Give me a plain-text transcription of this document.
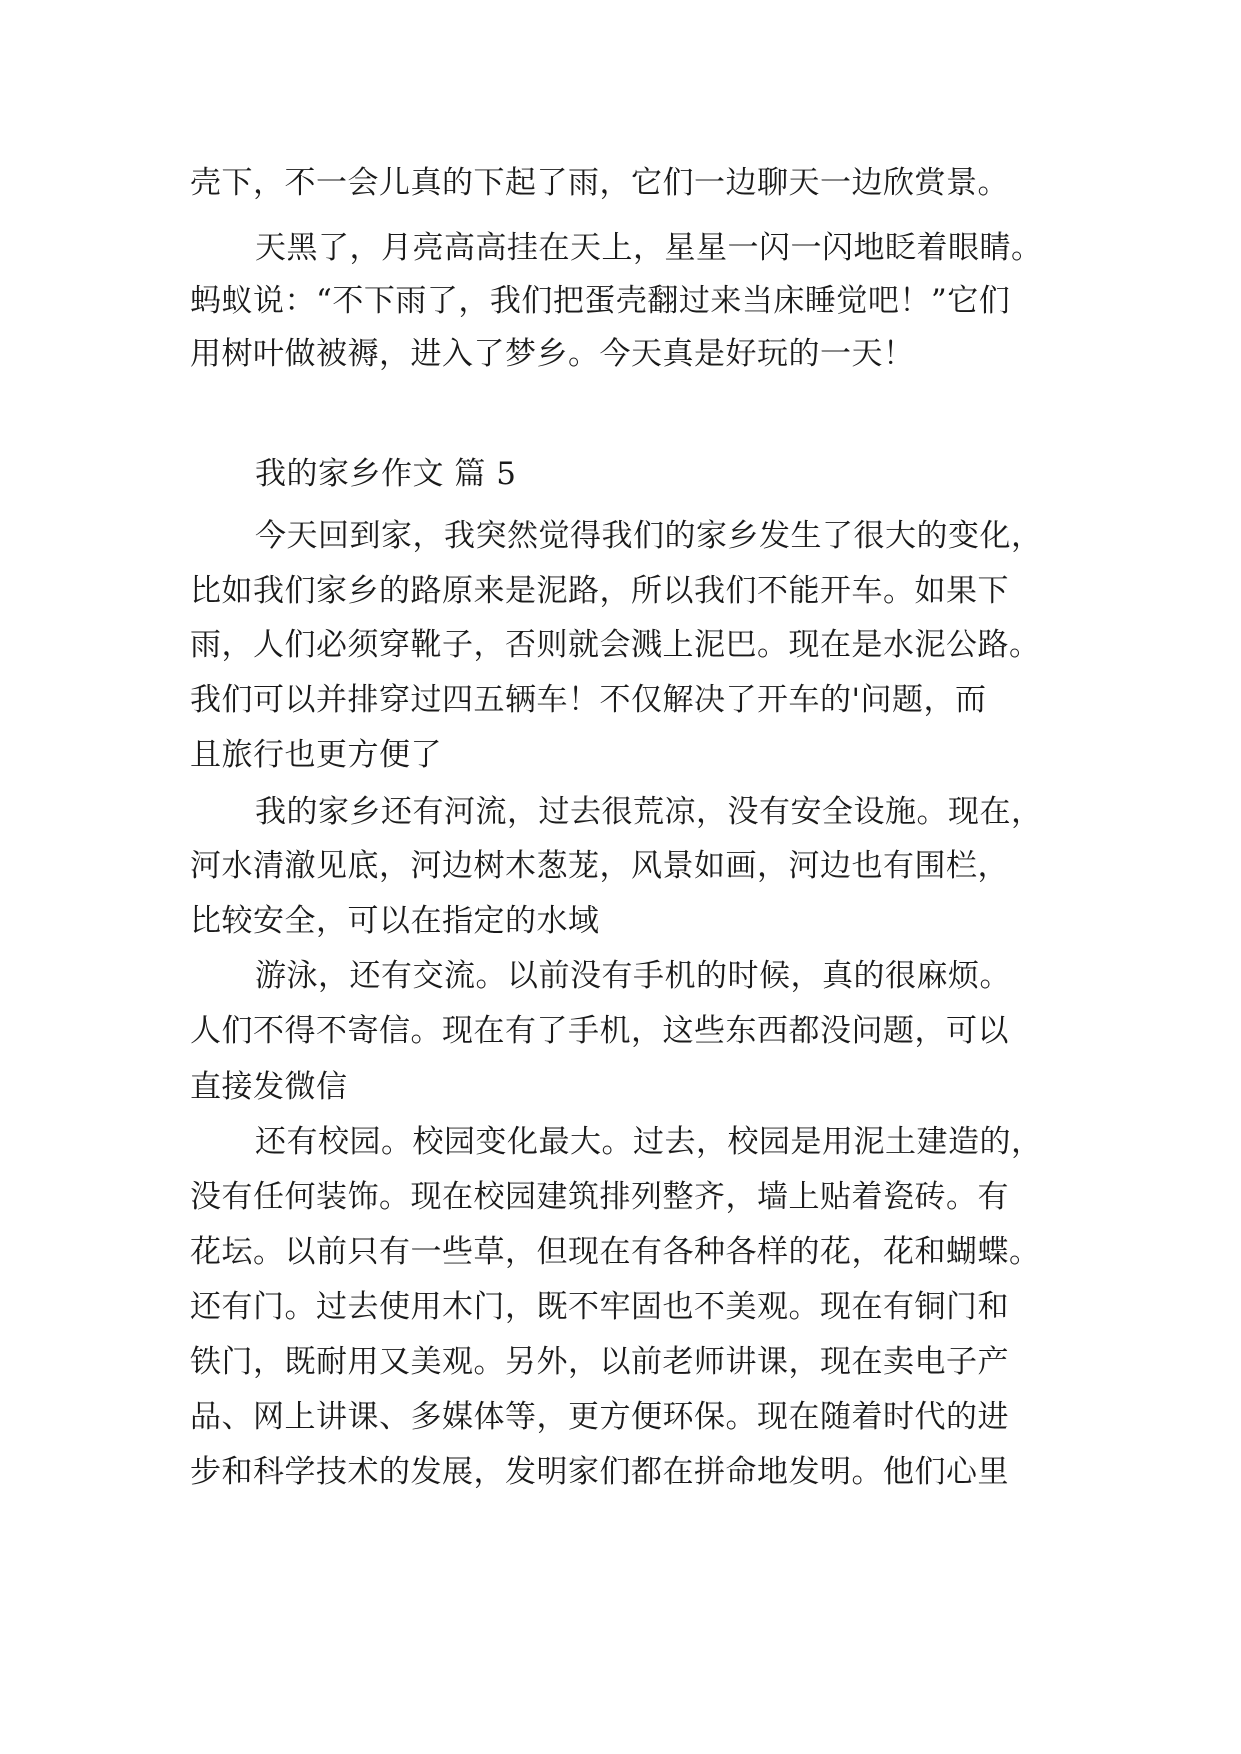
壳下，不一会儿真的下起了雨，它们一边聊天一边欣赏景。
天黑了，月亮高高挂在天上，星星一闪一闪地眨着眼睛。
蚂蚁说：“不下雨了，我们把蛋壳翻过来当床睡觉吧！”它们
用树叶做被褥，进入了梦乡。今天真是好玩的一天！
我的家乡作文 篇 5
今天回到家，我突然觉得我们的家乡发生了很大的变化，
比如我们家乡的路原来是泥路，所以我们不能开车。如果下
雨，人们必须穿靴子，否则就会溅上泥巴。现在是水泥公路。
我们可以并排穿过四五辆车！不仅解决了开车的'问题，而
且旅行也更方便了
我的家乡还有河流，过去很荒凉，没有安全设施。现在，
河水清澈见底，河边树木葱茏，风景如画，河边也有围栏，
比较安全，可以在指定的水域
游泳，还有交流。以前没有手机的时候，真的很麻烦。
人们不得不寄信。现在有了手机，这些东西都没问题，可以
直接发微信
还有校园。校园变化最大。过去，校园是用泥土建造的，
没有任何装饰。现在校园建筑排列整齐，墙上贴着瓷砖。有
花坛。以前只有一些草，但现在有各种各样的花，花和蝴蝶。
还有门。过去使用木门，既不牢固也不美观。现在有铜门和
铁门，既耐用又美观。另外，以前老师讲课，现在卖电子产
品、网上讲课、多媒体等，更方便环保。现在随着时代的进
步和科学技术的发展，发明家们都在拼命地发明。他们心里
